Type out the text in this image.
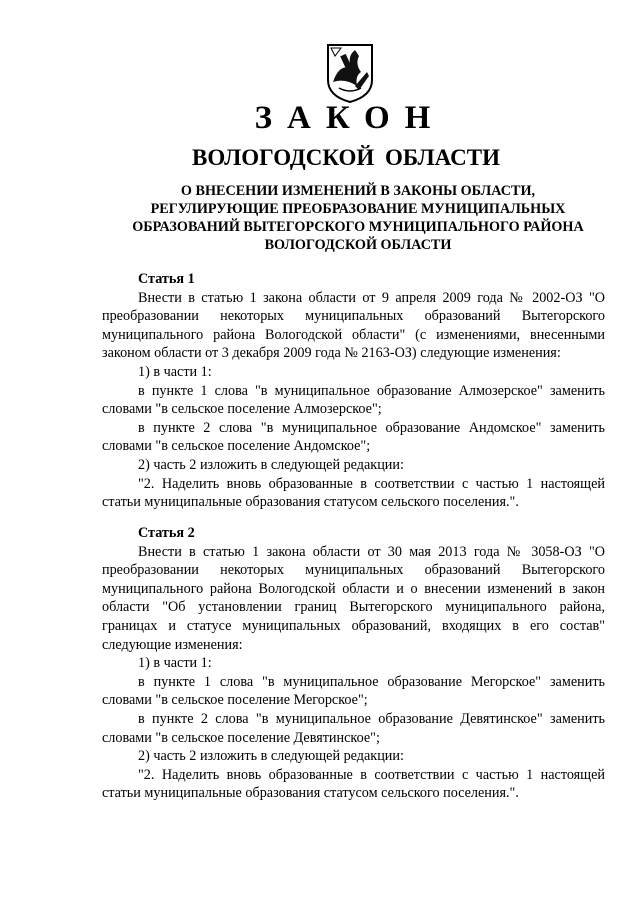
ЗАКОН
ВОЛОГОДСКОЙ ОБЛАСТИ
О ВНЕСЕНИИ ИЗМЕНЕНИЙ В ЗАКОНЫ ОБЛАСТИ,
РЕГУЛИРУЮЩИЕ ПРЕОБРАЗОВАНИЕ МУНИЦИПАЛЬНЫХ
ОБРАЗОВАНИЙ ВЫТЕГОРСКОГО МУНИЦИПАЛЬНОГО РАЙОНА
ВОЛОГОДСКОЙ ОБЛАСТИ

Статья 1

Внести в статью 1 закона области от 9 апреля 2009 года № 2002-ОЗ "О преобразовании некоторых муниципальных образований Вытегорского муниципального района Вологодской области" (с изменениями, внесенными законом области от 3 декабря 2009 года № 2163-ОЗ) следующие изменения:

1) в части 1:

в пункте 1 слова "в муниципальное образование Алмозерское" заменить словами "в сельское поселение Алмозерское";

в пункте 2 слова "в муниципальное образование Андомское" заменить словами "в сельское поселение Андомское";

2) часть 2 изложить в следующей редакции:

"2. Наделить вновь образованные в соответствии с частью 1 настоящей статьи муниципальные образования статусом сельского поселения.".

Статья 2

Внести в статью 1 закона области от 30 мая 2013 года № 3058-ОЗ "О преобразовании некоторых муниципальных образований Вытегорского муниципального района Вологодской области и о внесении изменений в закон области "Об установлении границ Вытегорского муниципального района, границах и статусе муниципальных образований, входящих в его состав" следующие изменения:

1) в части 1:

в пункте 1 слова "в муниципальное образование Мегорское" заменить словами "в сельское поселение Мегорское";

в пункте 2 слова "в муниципальное образование Девятинское" заменить словами "в сельское поселение Девятинское";

2) часть 2 изложить в следующей редакции:

"2. Наделить вновь образованные в соответствии с частью 1 настоящей статьи муниципальные образования статусом сельского поселения.".
